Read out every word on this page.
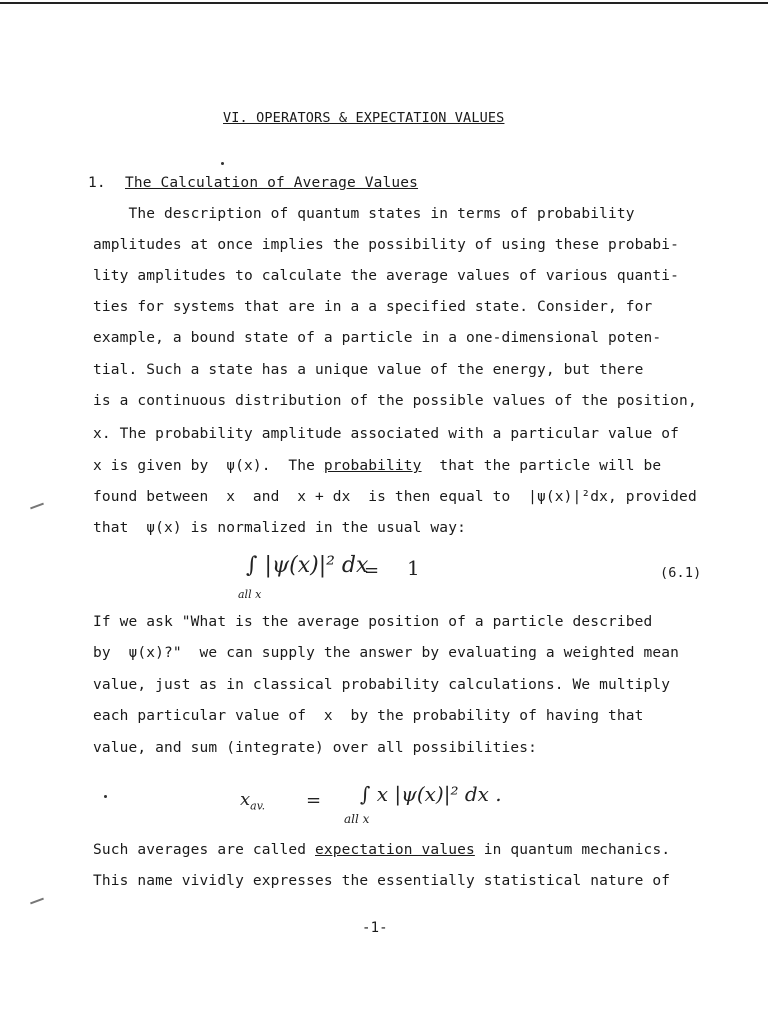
VI. OPERATORS & EXPECTATION VALUES
1. The Calculation of Average Values
The description of quantum states in terms of probability
amplitudes at once implies the possibility of using these probabi-
lity amplitudes to calculate the average values of various quanti-
ties for systems that are in a a specified state. Consider, for
example, a bound state of a particle in a one-dimensional poten-
tial. Such a state has a unique value of the energy, but there
is a continuous distribution of the possible values of the position,
x. The probability amplitude associated with a particular value of
x is given by  ψ(x).  The probability  that the particle will be
found between  x  and  x + dx  is then equal to  |ψ(x)|²dx, provided
that  ψ(x) is normalized in the usual way:
∫ |ψ(x)|² dx
= 1
all x
(6.1)
If we ask "What is the average position of a particle described
by  ψ(x)?"  we can supply the answer by evaluating a weighted mean
value, just as in classical probability calculations. We multiply
each particular value of  x  by the probability of having that
value, and sum (integrate) over all possibilities:
$x_{av.}$ = ∫ x |ψ(x)|² dx .
all x
Such averages are called expectation values in quantum mechanics.
This name vividly expresses the essentially statistical nature of
-1-
